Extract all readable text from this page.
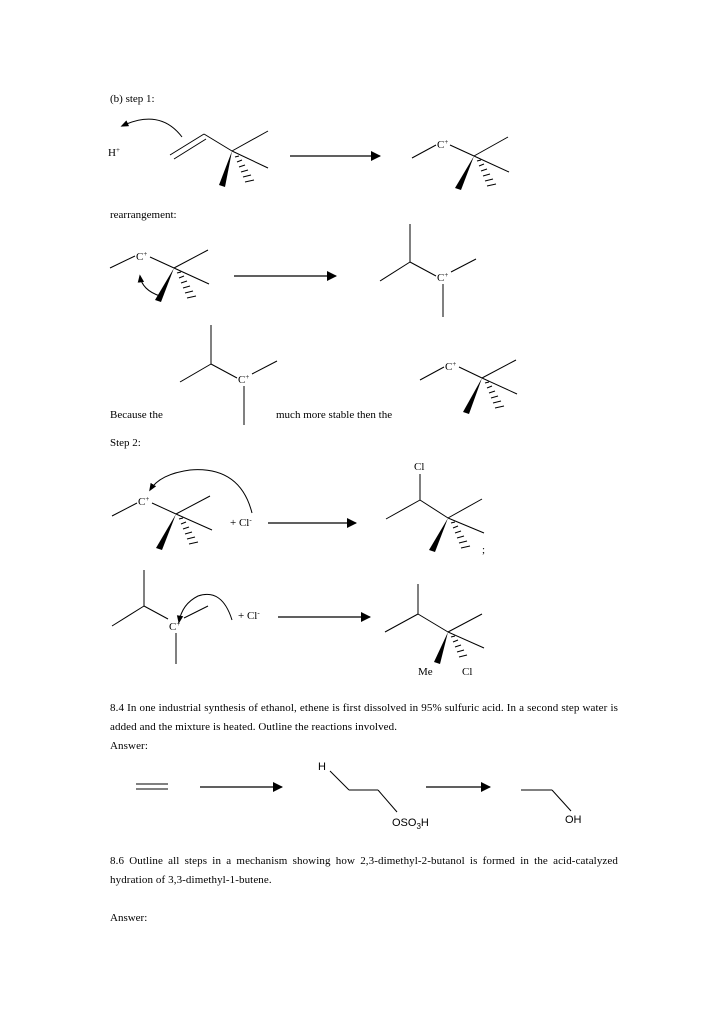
(b) step 1:
rearrangement:
Because the	much more stable then the
Step 2:
8.4 In one industrial synthesis of ethanol, ethene is first dissolved in 95% sulfuric acid. In a second step water is added and the mixture is heated. Outline the reactions involved.
Answer:
8.6 Outline all steps in a mechanism showing how 2,3-dimethyl-2-butanol is formed in the acid-catalyzed hydration of 3,3-dimethyl-1-butene.
Answer:
H+	C+
C+
C+
C+
C+
C+
+ Cl-
Cl
;
C+
+ Cl-
Me	Cl
H
$OSO_3H$	OH
